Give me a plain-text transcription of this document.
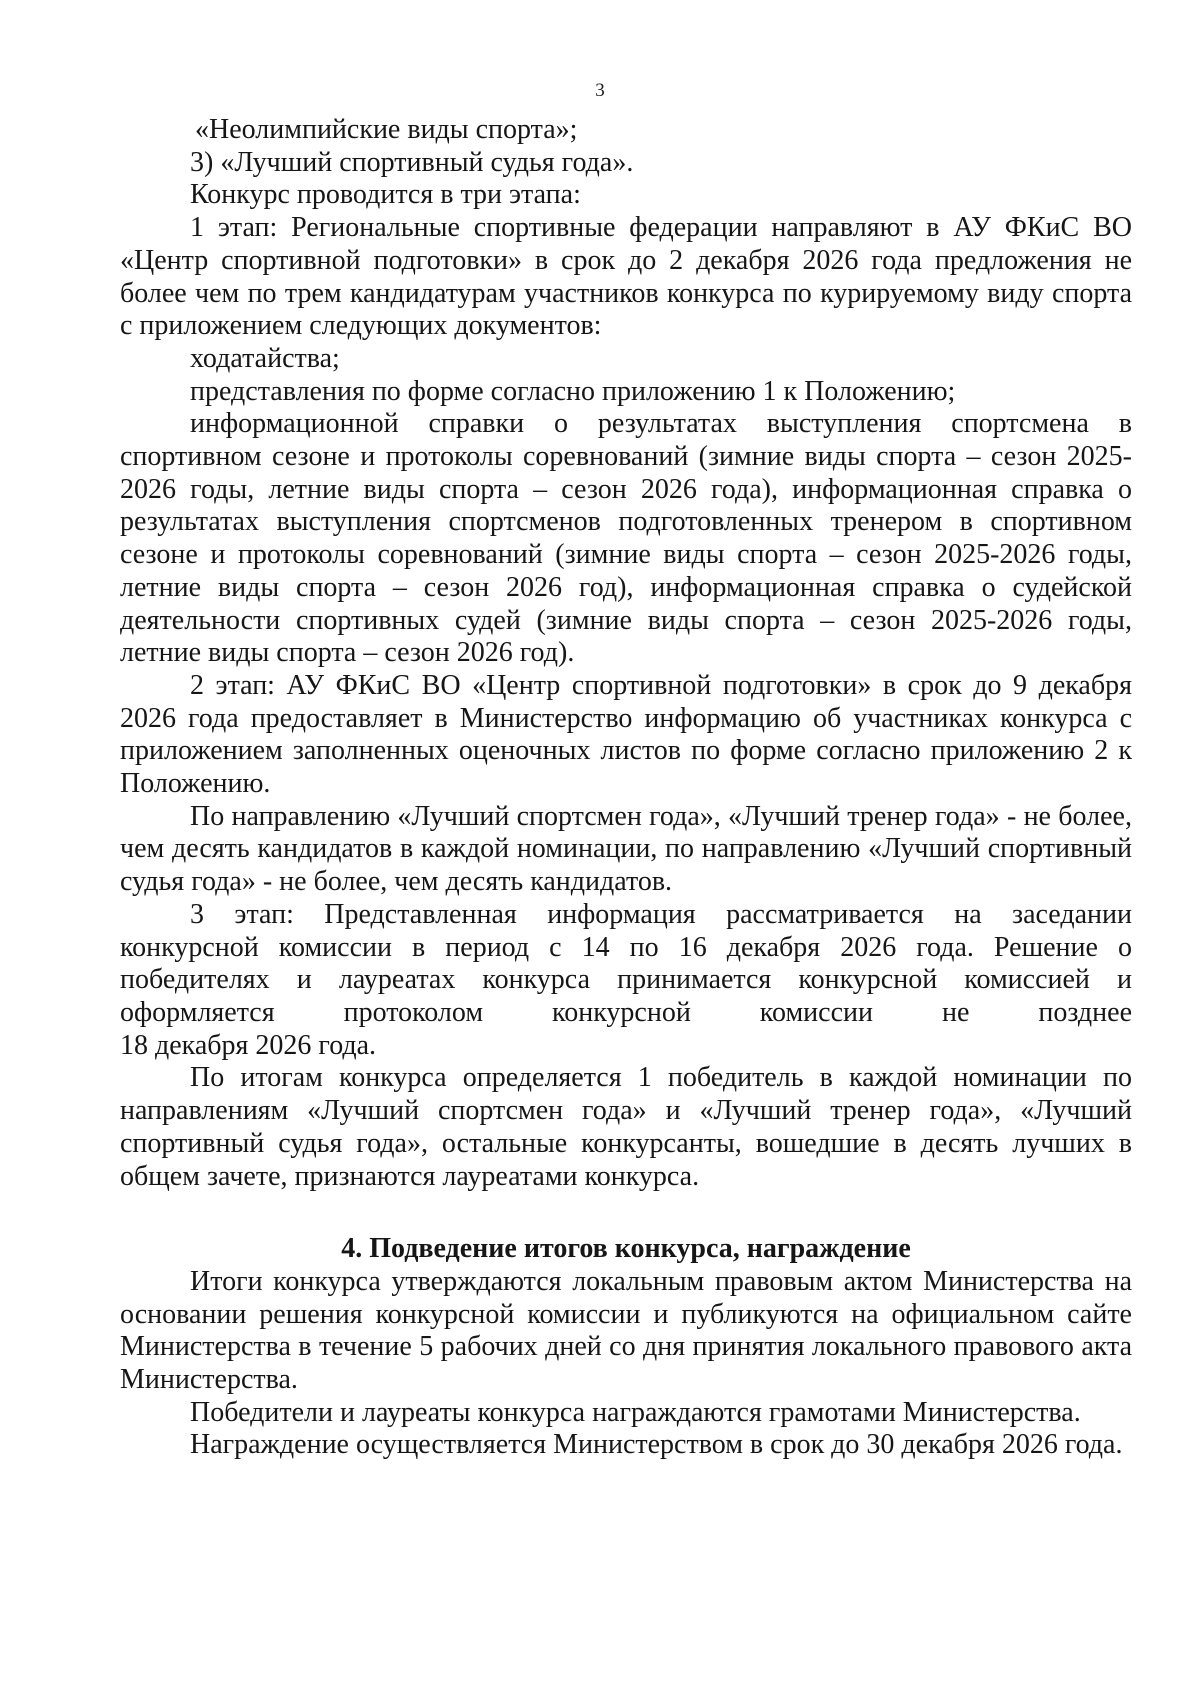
3

«Неолимпийские виды спорта»;

3) «Лучший спортивный судья года».

Конкурс проводится в три этапа:

1 этап: Региональные спортивные федерации направляют в АУ ФКиС ВО «Центр спортивной подготовки» в срок до 2 декабря 2026 года предложения не более чем по трем кандидатурам участников конкурса по курируемому виду спорта с приложением следующих документов:

ходатайства;

представления по форме согласно приложению 1 к Положению;

информационной справки о результатах выступления спортсмена в спортивном сезоне и протоколы соревнований (зимние виды спорта – сезон 2025-2026 годы, летние виды спорта – сезон 2026 года), информационная справка о результатах выступления спортсменов подготовленных тренером в спортивном сезоне и протоколы соревнований (зимние виды спорта – сезон 2025-2026 годы, летние виды спорта – сезон 2026 год), информационная справка о судейской деятельности спортивных судей (зимние виды спорта – сезон 2025-2026 годы, летние виды спорта – сезон 2026 год).

2 этап: АУ ФКиС ВО «Центр спортивной подготовки» в срок до 9 декабря 2026 года предоставляет в Министерство информацию об участниках конкурса с приложением заполненных оценочных листов по форме согласно приложению 2 к Положению.

По направлению «Лучший спортсмен года», «Лучший тренер года» - не более, чем десять кандидатов в каждой номинации, по направлению «Лучший спортивный судья года» - не более, чем десять кандидатов.

3 этап: Представленная информация рассматривается на заседании конкурсной комиссии в период с 14 по 16 декабря 2026 года. Решение о победителях и лауреатах конкурса принимается конкурсной комиссией и оформляется протоколом конкурсной комиссии не позднее

18 декабря 2026 года.

По итогам конкурса определяется 1 победитель в каждой номинации по направлениям «Лучший спортсмен года» и «Лучший тренер года», «Лучший спортивный судья года», остальные конкурсанты, вошедшие в десять лучших в общем зачете, признаются лауреатами конкурса.

4. Подведение итогов конкурса, награждение

Итоги конкурса утверждаются локальным правовым актом Министерства на основании решения конкурсной комиссии и публикуются на официальном сайте Министерства в течение 5 рабочих дней со дня принятия локального правового акта Министерства.

Победители и лауреаты конкурса награждаются грамотами Министерства.

Награждение осуществляется Министерством в срок до 30 декабря 2026 года.
